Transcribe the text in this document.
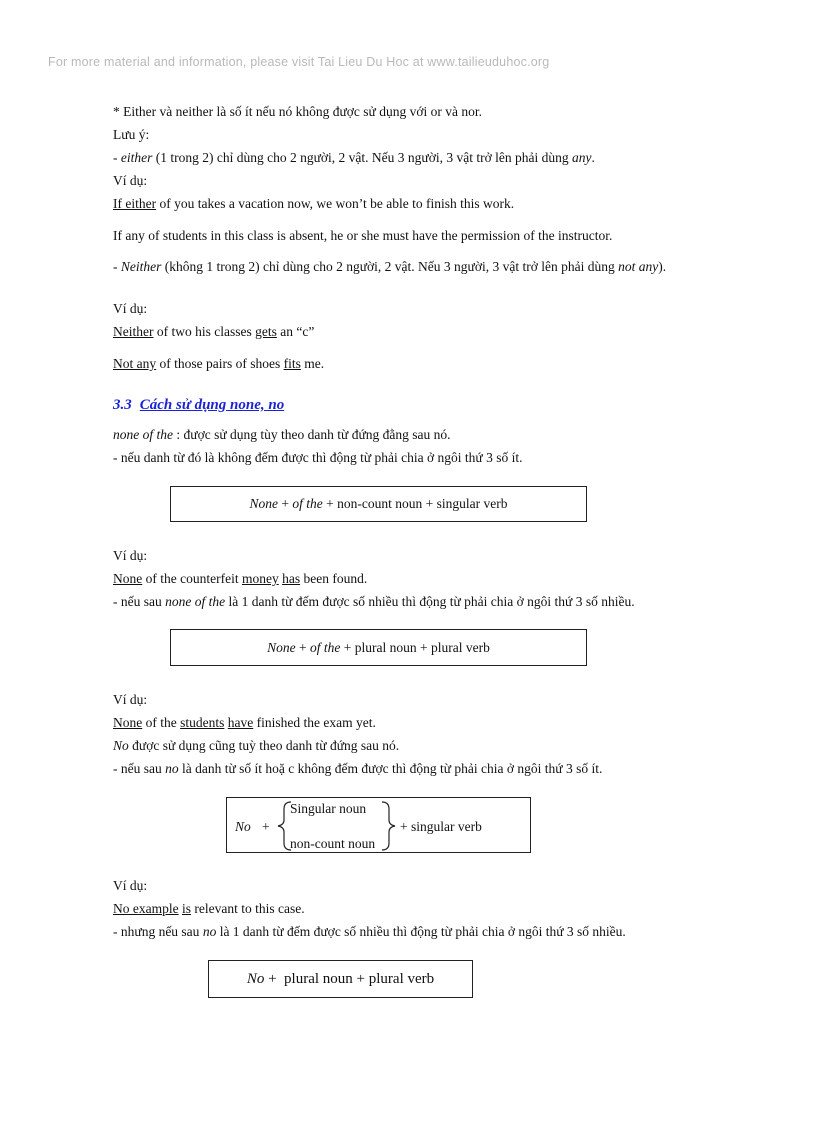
For more material and information, please visit Tai Lieu Du Hoc at www.tailieuduhoc.org
* Either và neither là số ít nếu nó không được sử dụng với or và nor.
Lưu ý:
- either (1 trong 2) chỉ dùng cho 2 người, 2 vật. Nếu 3 người, 3 vật trở lên phải dùng any.
Ví dụ:
If either of you takes a vacation now, we won’t be able to finish this work.
If any of students in this class is absent, he or she must have the permission of the instructor.
- Neither (không 1 trong 2) chỉ dùng cho 2 người, 2 vật. Nếu 3 người, 3 vật trở lên phải dùng not any).
Ví dụ:
Neither of two his classes gets an “c”
Not any of those pairs of shoes fits me.
3.3 Cách sử dụng none, no
none of the : được sử dụng tùy theo danh từ đứng đằng sau nó.
- nếu danh từ đó là không đếm được thì động từ phải chia ở ngôi thứ 3 số ít.
None + of the + non-count noun + singular verb
Ví dụ:
None of the counterfeit money has been found.
- nếu sau none of the là 1 danh từ đếm được số nhiều thì động từ phải chia ở ngôi thứ 3 số nhiều.
None + of the + plural noun + plural verb
Ví dụ:
None of the students have finished the exam yet.
No được sử dụng cũng tuỳ theo danh từ đứng sau nó.
- nếu sau no là danh từ số ít hoặ c không đếm được thì động từ phải chia ở ngôi thứ 3 số ít.
No +
Singular noun
non-count noun
+ singular verb
Ví dụ:
No example is relevant to this case.
- nhưng nếu sau no là 1 danh từ đếm được số nhiều thì động từ phải chia ở ngôi thứ 3 số nhiều.
No +  plural noun + plural verb
